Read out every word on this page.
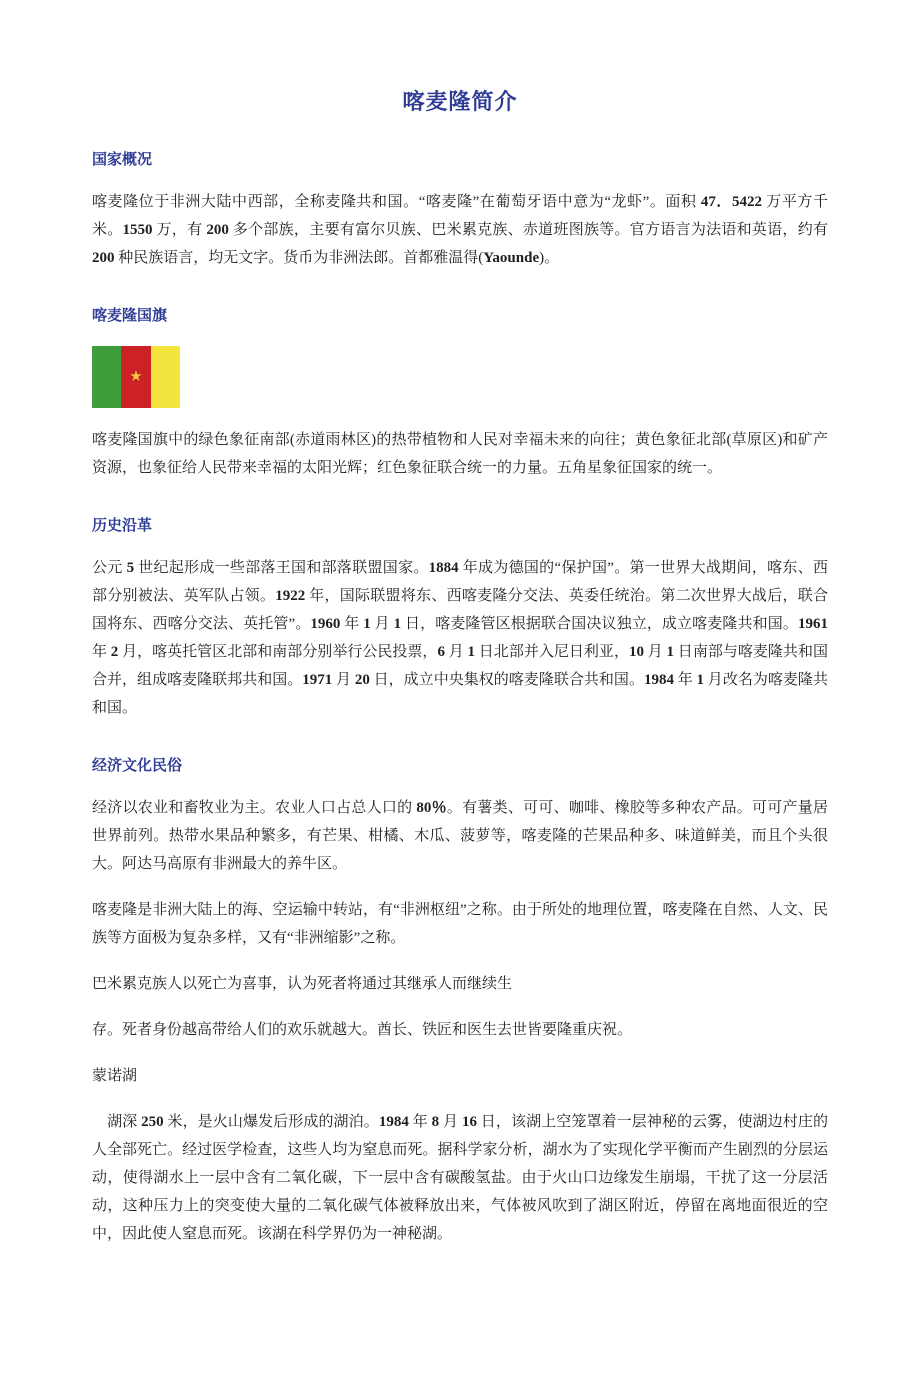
喀麦隆简介
国家概况

喀麦隆位于非洲大陆中西部，全称麦隆共和国。“喀麦隆”在葡萄牙语中意为“龙虾”。面积 47．5422 万平方千米。1550 万，有 200 多个部族，主要有富尔贝族、巴米累克族、赤道班图族等。官方语言为法语和英语，约有 200 种民族语言，均无文字。货币为非洲法郎。首都雅温得(Yaounde)。

喀麦隆国旗
★

喀麦隆国旗中的绿色象征南部(赤道雨林区)的热带植物和人民对幸福未来的向往；黄色象征北部(草原区)和矿产资源，也象征给人民带来幸福的太阳光辉；红色象征联合统一的力量。五角星象征国家的统一。

历史沿革

公元 5 世纪起形成一些部落王国和部落联盟国家。1884 年成为德国的“保护国”。第一世界大战期间，喀东、西部分别被法、英军队占领。1922 年，国际联盟将东、西喀麦隆分交法、英委任统治。第二次世界大战后，联合国将东、西喀分交法、英托管”。1960 年 1 月 1 日，喀麦隆管区根据联合国决议独立，成立喀麦隆共和国。1961 年 2 月，喀英托管区北部和南部分别举行公民投票，6 月 1 日北部并入尼日利亚，10 月 1 日南部与喀麦隆共和国合并，组成喀麦隆联邦共和国。1971 月 20 日，成立中央集权的喀麦隆联合共和国。1984 年 1 月改名为喀麦隆共和国。

经济文化民俗

经济以农业和畜牧业为主。农业人口占总人口的 80％。有薯类、可可、咖啡、橡胶等多种农产品。可可产量居世界前列。热带水果品种繁多，有芒果、柑橘、木瓜、菠萝等，喀麦隆的芒果品种多、味道鲜美，而且个头很大。阿达马高原有非洲最大的养牛区。

喀麦隆是非洲大陆上的海、空运输中转站，有“非洲枢纽”之称。由于所处的地理位置，喀麦隆在自然、人文、民族等方面极为复杂多样，又有“非洲缩影”之称。

巴米累克族人以死亡为喜事，认为死者将通过其继承人而继续生

存。死者身份越高带给人们的欢乐就越大。酋长、铁匠和医生去世皆要隆重庆祝。

蒙诺湖

　湖深 250 米，是火山爆发后形成的湖泊。1984 年 8 月 16 日，该湖上空笼罩着一层神秘的云雾，使湖边村庄的人全部死亡。经过医学检查，这些人均为窒息而死。据科学家分析，湖水为了实现化学平衡而产生剧烈的分层运动，使得湖水上一层中含有二氧化碳，下一层中含有碳酸氢盐。由于火山口边缘发生崩塌，干扰了这一分层活动，这种压力上的突变使大量的二氧化碳气体被释放出来，气体被风吹到了湖区附近，停留在离地面很近的空中，因此使人窒息而死。该湖在科学界仍为一神秘湖。
